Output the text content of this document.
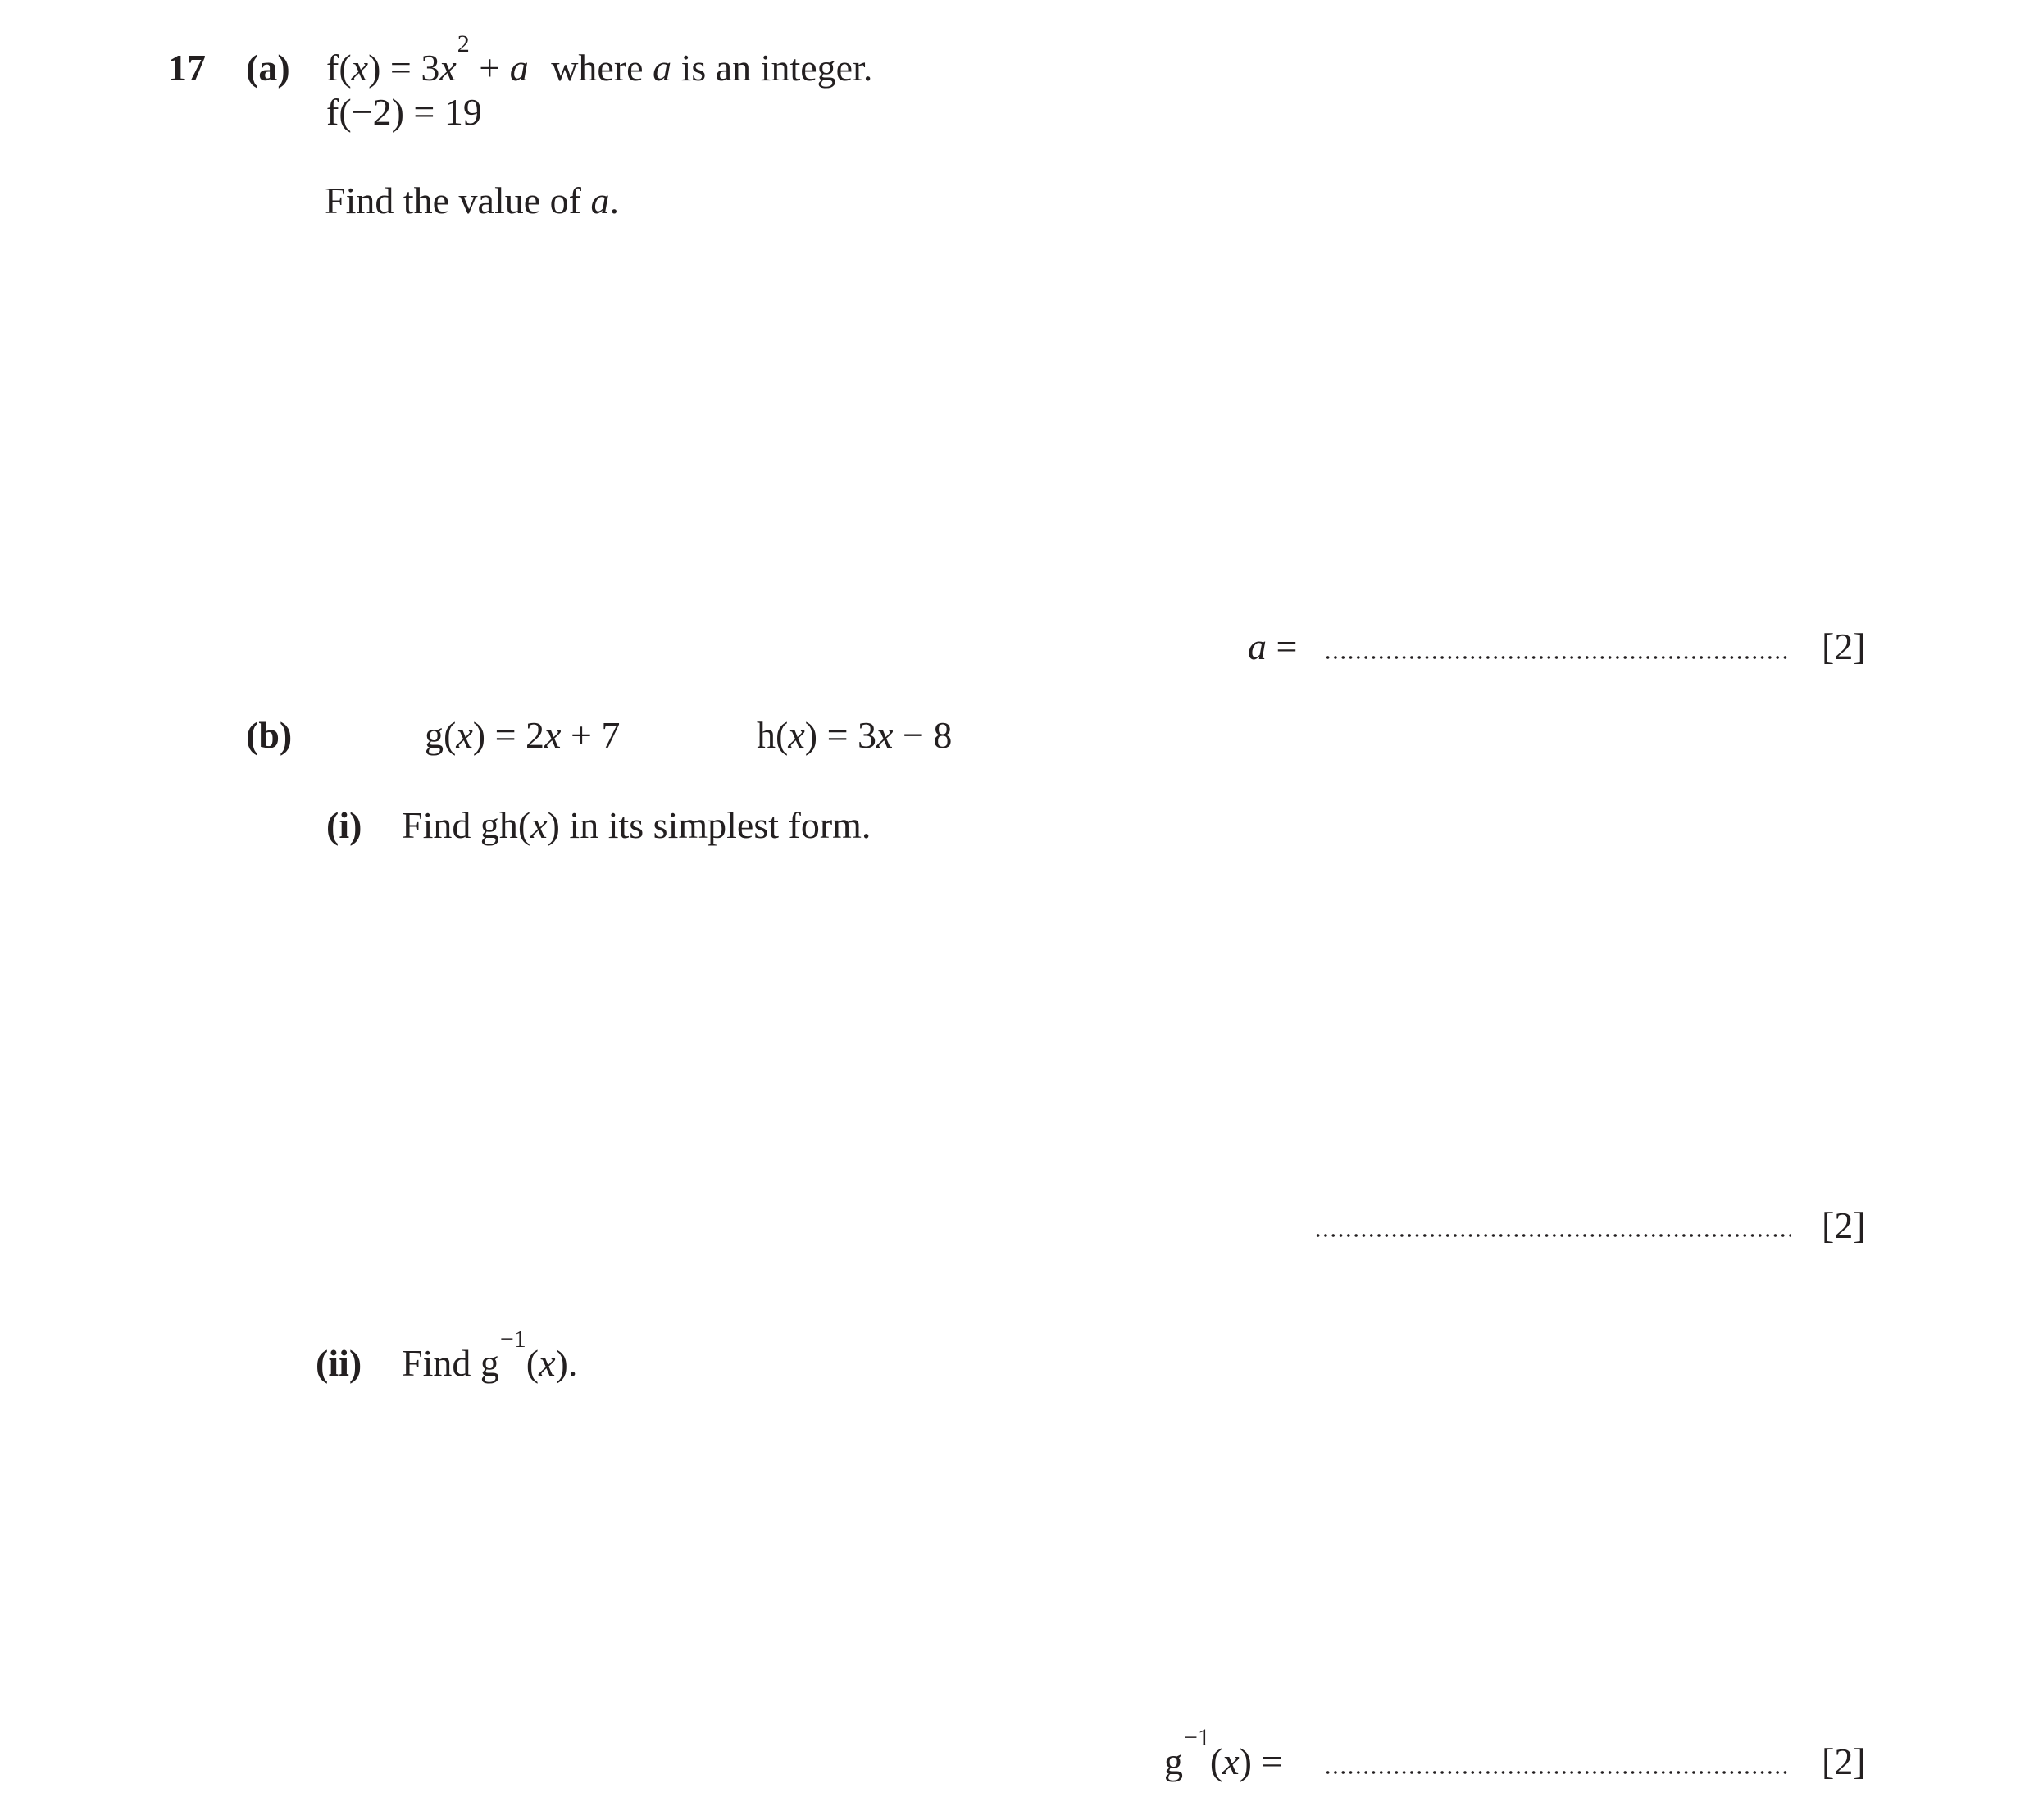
17 (a) $f(x) = 3x^2 + a$ where a is an integer.
f(−2) = 19
Find the value of a.
a =	[2]
(b)	g(x) = 2x + 7	h(x) = 3x − 8
(i) Find gh(x) in its simplest form.
[2]
(ii) Find $g^{-1}(x)$.
$g^{-1}(x)$ =	[2]
